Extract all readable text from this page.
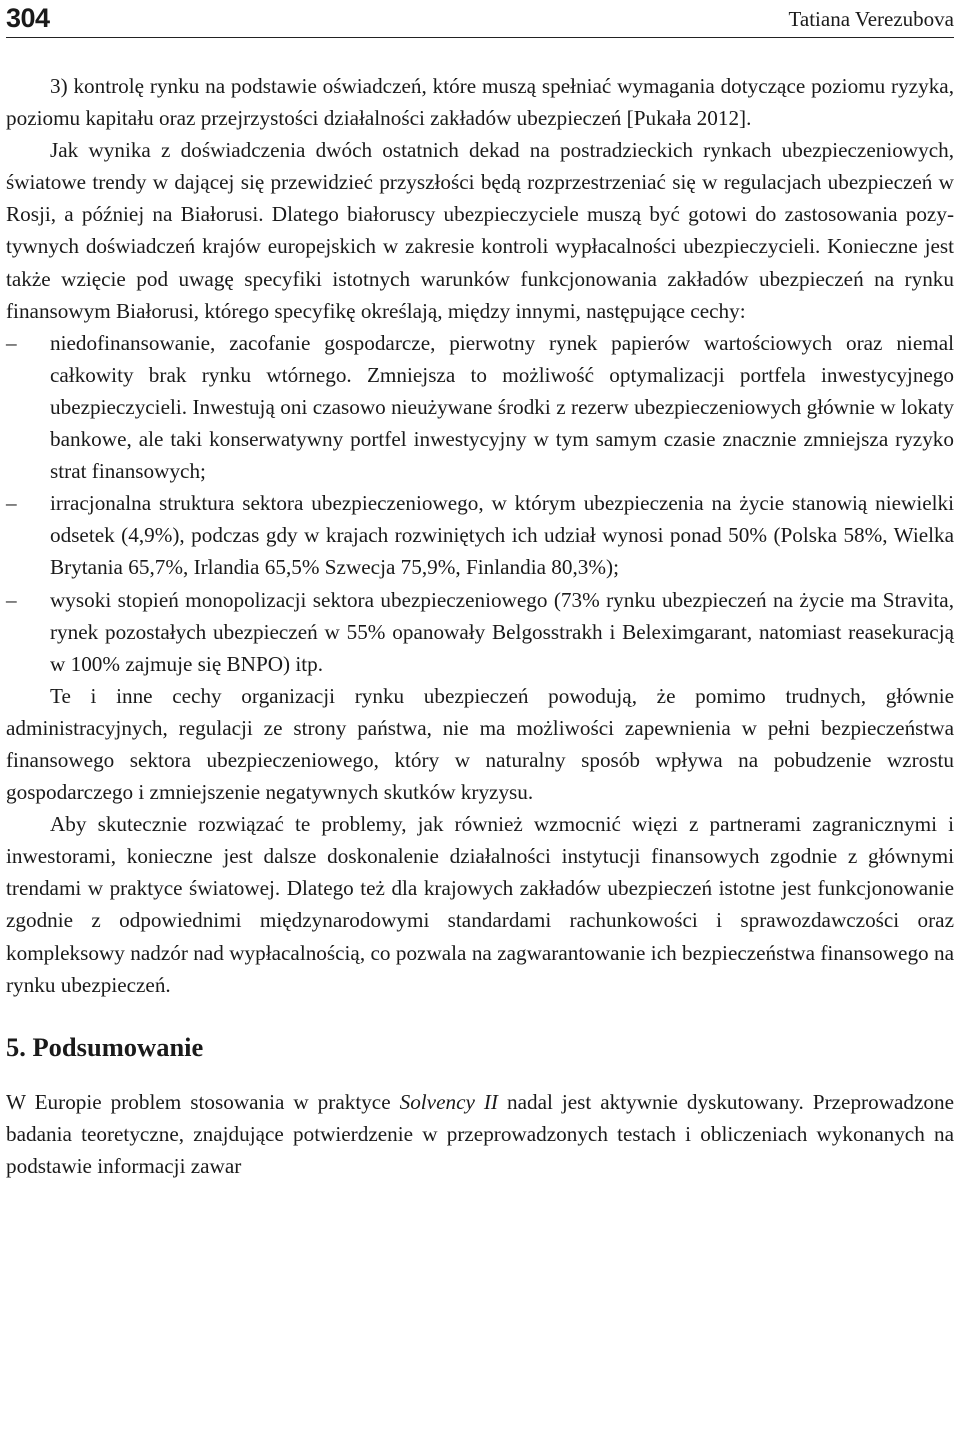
304	Tatiana Verezubova

3) kontrolę rynku na podstawie oświadczeń, które muszą spełniać wymagania dotyczące poziomu ryzyka, poziomu kapitału oraz przejrzystości działalności zakładów ubezpieczeń [Pukała 2012].

Jak wynika z doświadczenia dwóch ostatnich dekad na postradzieckich rynkach ubezpieczeniowych, światowe trendy w dającej się przewidzieć przyszłości będą rozprzestrzeniać się w regulacjach ubezpieczeń w Rosji, a później na Białorusi. Dlatego białoruscy ubezpieczyciele muszą być gotowi do zastosowania pozytywnych doświadczeń krajów europejskich w zakresie kontroli wypłacalności ubezpieczycieli. Konieczne jest także wzięcie pod uwagę specyfiki istotnych warunków funkcjonowania zakładów ubezpieczeń na rynku finansowym Białorusi, którego specyfikę określają, między innymi, następujące cechy:

–	niedofinansowanie, zacofanie gospodarcze, pierwotny rynek papierów wartościowych oraz niemal całkowity brak rynku wtórnego. Zmniejsza to możliwość optymalizacji portfela inwestycyjnego ubezpieczycieli. Inwestują oni czasowo nieużywane środki z rezerw ubezpieczeniowych głównie w lokaty bankowe, ale taki konserwatywny portfel inwestycyjny w tym samym czasie znacznie zmniejsza ryzyko strat finansowych;
–	irracjonalna struktura sektora ubezpieczeniowego, w którym ubezpieczenia na życie stanowią niewielki odsetek (4,9%), podczas gdy w krajach rozwiniętych ich udział wynosi ponad 50% (Polska 58%, Wielka Brytania 65,7%, Irlandia 65,5% Szwecja 75,9%, Finlandia 80,3%);
–	wysoki stopień monopolizacji sektora ubezpieczeniowego (73% rynku ubezpieczeń na życie ma Stravita, rynek pozostałych ubezpieczeń w 55% opanowały Belgosstrakh i Beleximgarant, natomiast reasekuracją w 100% zajmuje się BNPO) itp.

Te i inne cechy organizacji rynku ubezpieczeń powodują, że pomimo trudnych, głównie administracyjnych, regulacji ze strony państwa, nie ma możliwości zapewnienia w pełni bezpieczeństwa finansowego sektora ubezpieczeniowego, który w naturalny sposób wpływa na pobudzenie wzrostu gospodarczego i zmniejszenie negatywnych skutków kryzysu.

Aby skutecznie rozwiązać te problemy, jak również wzmocnić więzi z partnerami zagranicznymi i inwestorami, konieczne jest dalsze doskonalenie działalności instytucji finansowych zgodnie z głównymi trendami w praktyce światowej. Dlatego też dla krajowych zakładów ubezpieczeń istotne jest funkcjonowanie zgodnie z odpowiednimi międzynarodowymi standardami rachunkowości i sprawozdawczości oraz kompleksowy nadzór nad wypłacalnością, co pozwala na zagwarantowanie ich bezpieczeństwa finansowego na rynku ubezpieczeń.

5. Podsumowanie

W Europie problem stosowania w praktyce Solvency II nadal jest aktywnie dyskutowany. Przeprowadzone badania teoretyczne, znajdujące potwierdzenie w przeprowadzonych testach i obliczeniach wykonanych na podstawie informacji zawar
